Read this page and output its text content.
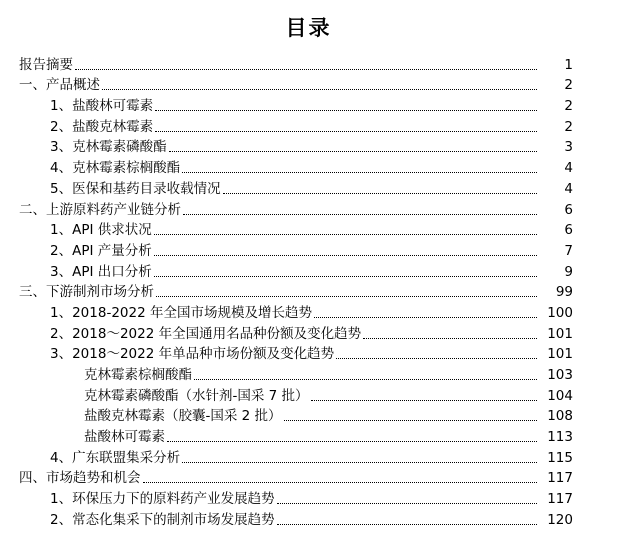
目录
报告摘要	1
一、产品概述	2
1、盐酸林可霉素	2
2、盐酸克林霉素	2
3、克林霉素磷酸酯	3
4、克林霉素棕榈酸酯	4
5、医保和基药目录收载情况	4
二、上游原料药产业链分析	6
1、API 供求状况	6
2、API 产量分析	7
3、API 出口分析	9
三、下游制剂市场分析	99
1、2018-2022 年全国市场规模及增长趋势	100
2、2018～2022 年全国通用名品种份额及变化趋势	101
3、2018～2022 年单品种市场份额及变化趋势	101
克林霉素棕榈酸酯	103
克林霉素磷酸酯（水针剂-国采 7 批）	104
盐酸克林霉素（胶囊-国采 2 批）	108
盐酸林可霉素	113
4、广东联盟集采分析	115
四、市场趋势和机会	117
1、环保压力下的原料药产业发展趋势	117
2、常态化集采下的制剂市场发展趋势	120
